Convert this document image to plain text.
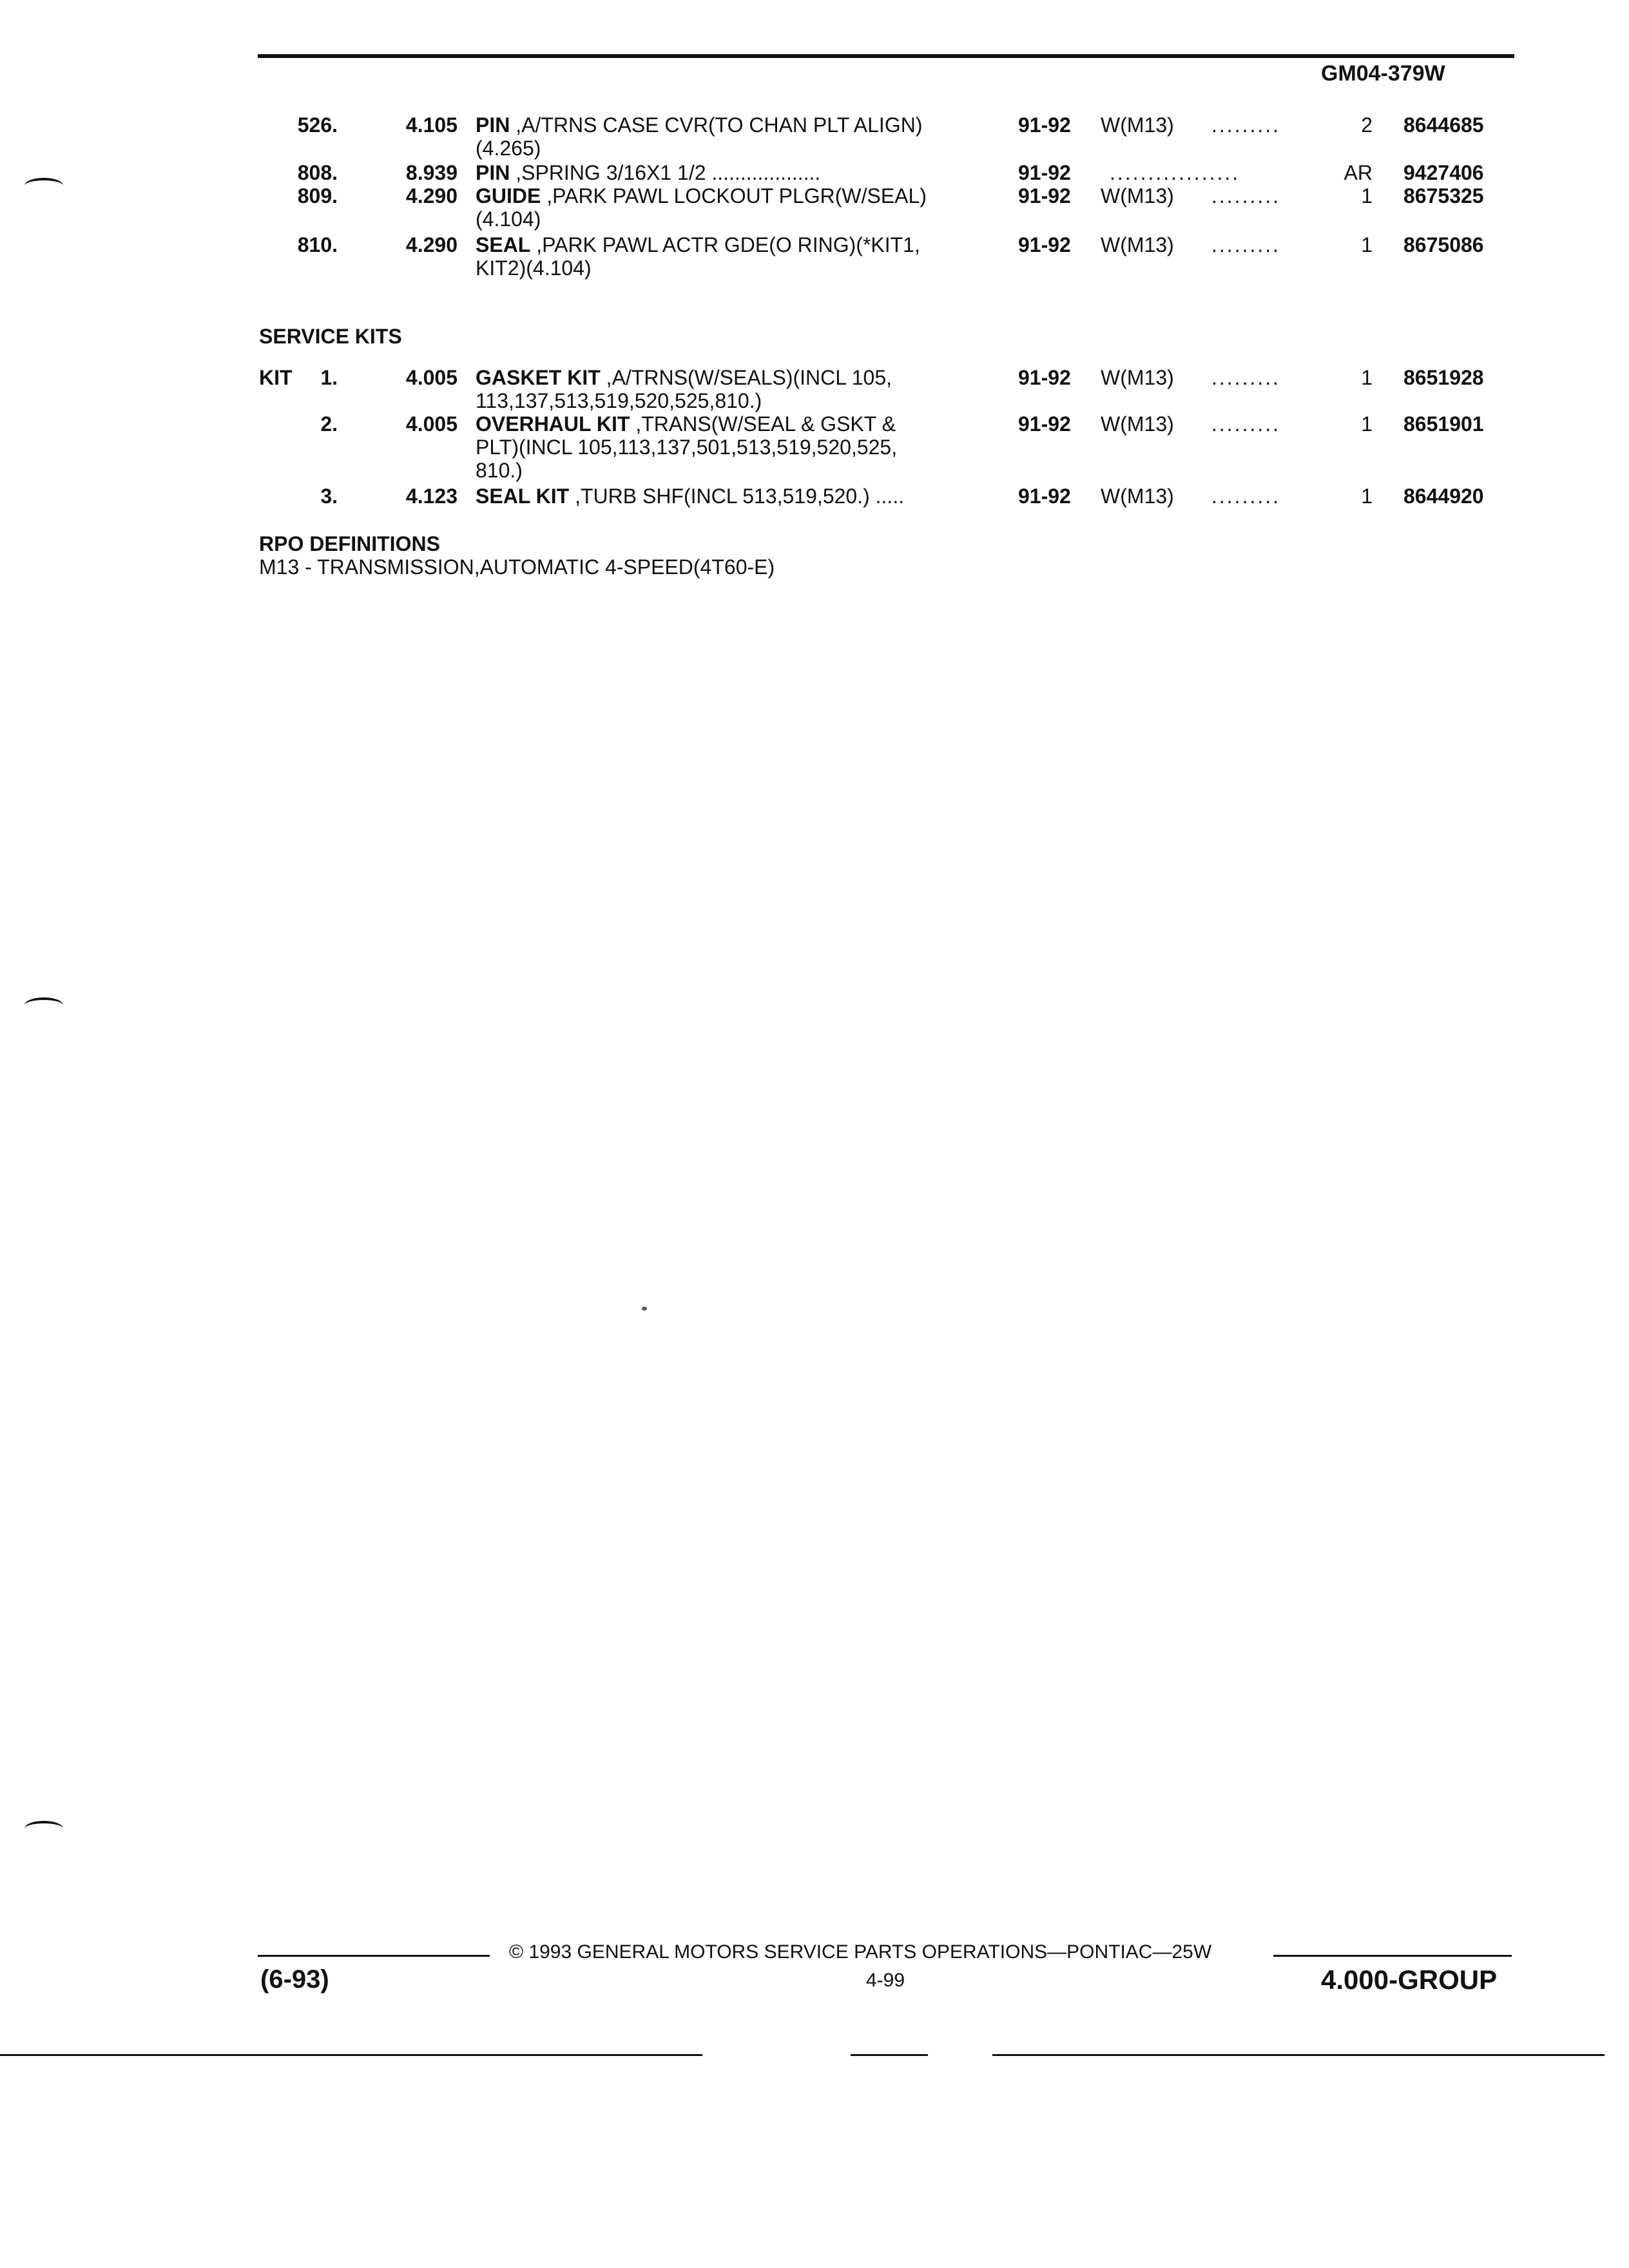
GM04-379W
526.	4.105 PIN ,A/TRNS CASE CVR(TO CHAN PLT ALIGN)
(4.265)
91-92 W(M13) .........	2 8644685
808.	8.939 PIN ,SPRING 3/16X1 1/2 ...................	91-92 .................	AR 9427406
809.	4.290 GUIDE ,PARK PAWL LOCKOUT PLGR(W/SEAL)
(4.104)
91-92 W(M13) .........	1 8675325
810.	4.290 SEAL ,PARK PAWL ACTR GDE(O RING)(*KIT1,
KIT2)(4.104)
91-92 W(M13) .........	1 8675086
SERVICE KITS
KIT	1.	4.005 GASKET KIT ,A/TRNS(W/SEALS)(INCL 105,
113,137,513,519,520,525,810.)
91-92 W(M13) .........	1 8651928
2.	4.005 OVERHAUL KIT ,TRANS(W/SEAL & GSKT &
PLT)(INCL 105,113,137,501,513,519,520,525,
810.)
91-92 W(M13) .........	1 8651901
3.	4.123 SEAL KIT ,TURB SHF(INCL 513,519,520.) .....	91-92 W(M13) .........	1 8644920
RPO DEFINITIONS
M13 - TRANSMISSION,AUTOMATIC 4-SPEED(4T60-E)
© 1993 GENERAL MOTORS SERVICE PARTS OPERATIONS—PONTIAC—25W
(6-93)	4-99	4.000-GROUP
